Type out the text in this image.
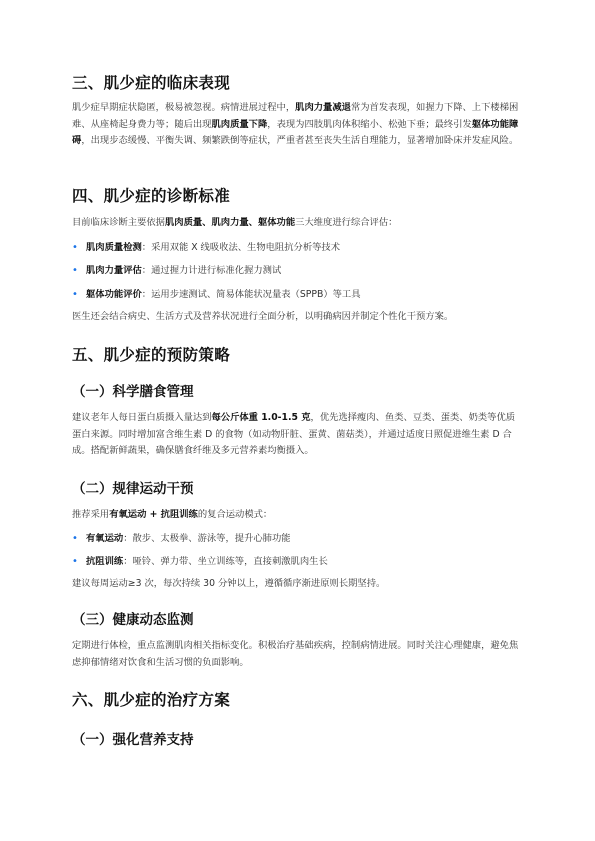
三、肌少症的临床表现

肌少症早期症状隐匿，极易被忽视。病情进展过程中，肌肉力量减退常为首发表现，如握力下降、上下楼梯困难、从座椅起身费力等；随后出现肌肉质量下降，表现为四肢肌肉体积缩小、松弛下垂；最终引发躯体功能障碍，出现步态缓慢、平衡失调、频繁跌倒等症状，严重者甚至丧失生活自理能力，显著增加卧床并发症风险。

四、肌少症的诊断标准

目前临床诊断主要依据肌肉质量、肌肉力量、躯体功能三大维度进行综合评估：

• 肌肉质量检测：采用双能 X 线吸收法、生物电阻抗分析等技术
• 肌肉力量评估：通过握力计进行标准化握力测试
• 躯体功能评价：运用步速测试、简易体能状况量表（SPPB）等工具

医生还会结合病史、生活方式及营养状况进行全面分析，以明确病因并制定个性化干预方案。

五、肌少症的预防策略
（一）科学膳食管理

建议老年人每日蛋白质摄入量达到每公斤体重 1.0-1.5 克，优先选择瘦肉、鱼类、豆类、蛋类、奶类等优质蛋白来源。同时增加富含维生素 D 的食物（如动物肝脏、蛋黄、菌菇类），并通过适度日照促进维生素 D 合成。搭配新鲜蔬果，确保膳食纤维及多元营养素均衡摄入。

（二）规律运动干预

推荐采用有氧运动 + 抗阻训练的复合运动模式：

• 有氧运动：散步、太极拳、游泳等，提升心肺功能
• 抗阻训练：哑铃、弹力带、坐立训练等，直接刺激肌肉生长

建议每周运动≥3 次，每次持续 30 分钟以上，遵循循序渐进原则长期坚持。

（三）健康动态监测

定期进行体检，重点监测肌肉相关指标变化。积极治疗基础疾病，控制病情进展。同时关注心理健康，避免焦虑抑郁情绪对饮食和生活习惯的负面影响。

六、肌少症的治疗方案
（一）强化营养支持
